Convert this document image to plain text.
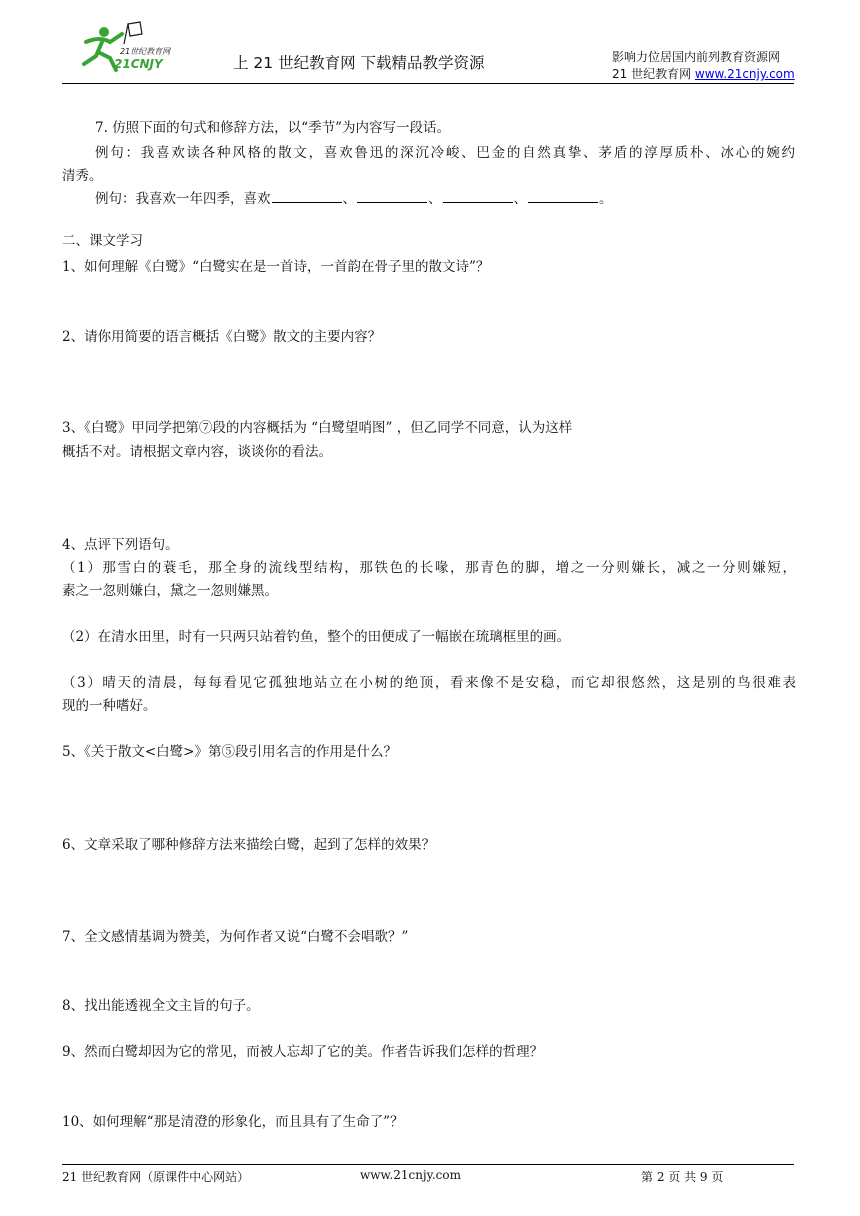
21世纪教育网
21CNJY	上 21 世纪教育网 下载精品教学资源	影响力位居国内前列教育资源网
21 世纪教育网 www.21cnjy.com
7. 仿照下面的句式和修辞方法，以“季节”为内容写一段话。
例句：我喜欢读各种风格的散文，喜欢鲁迅的深沉冷峻、巴金的自然真挚、茅盾的淳厚质朴、冰心的婉约
清秀。
例句：我喜欢一年四季，喜欢	、	、	、	。
二、课文学习
1、如何理解《白鹭》“白鹭实在是一首诗，一首韵在骨子里的散文诗”？
2、请你用简要的语言概括《白鹭》散文的主要内容？
3、《白鹭》甲同学把第⑦段的内容概括为 “白鹭望哨图” ，但乙同学不同意，认为这样
概括不对。请根据文章内容，谈谈你的看法。
4、点评下列语句。
（1）那雪白的蓑毛，那全身的流线型结构，那铁色的长喙，那青色的脚，增之一分则嫌长，减之一分则嫌短，
素之一忽则嫌白，黛之一忽则嫌黑。
（2）在清水田里，时有一只两只站着钓鱼，整个的田便成了一幅嵌在琉璃框里的画。
（3）晴天的清晨，每每看见它孤独地站立在小树的绝顶，看来像不是安稳，而它却很悠然，这是别的鸟很难表
现的一种嗜好。
5、《关于散文<白鹭>》第⑤段引用名言的作用是什么？
6、文章采取了哪种修辞方法来描绘白鹭，起到了怎样的效果？
7、全文感情基调为赞美，为何作者又说“白鹭不会唱歌？”
8、找出能透视全文主旨的句子。
9、然而白鹭却因为它的常见，而被人忘却了它的美。作者告诉我们怎样的哲理？
10、如何理解“那是清澄的形象化，而且具有了生命了”？
21 世纪教育网（原课件中心网站）	www.21cnjy.com	第 2 页 共 9 页
